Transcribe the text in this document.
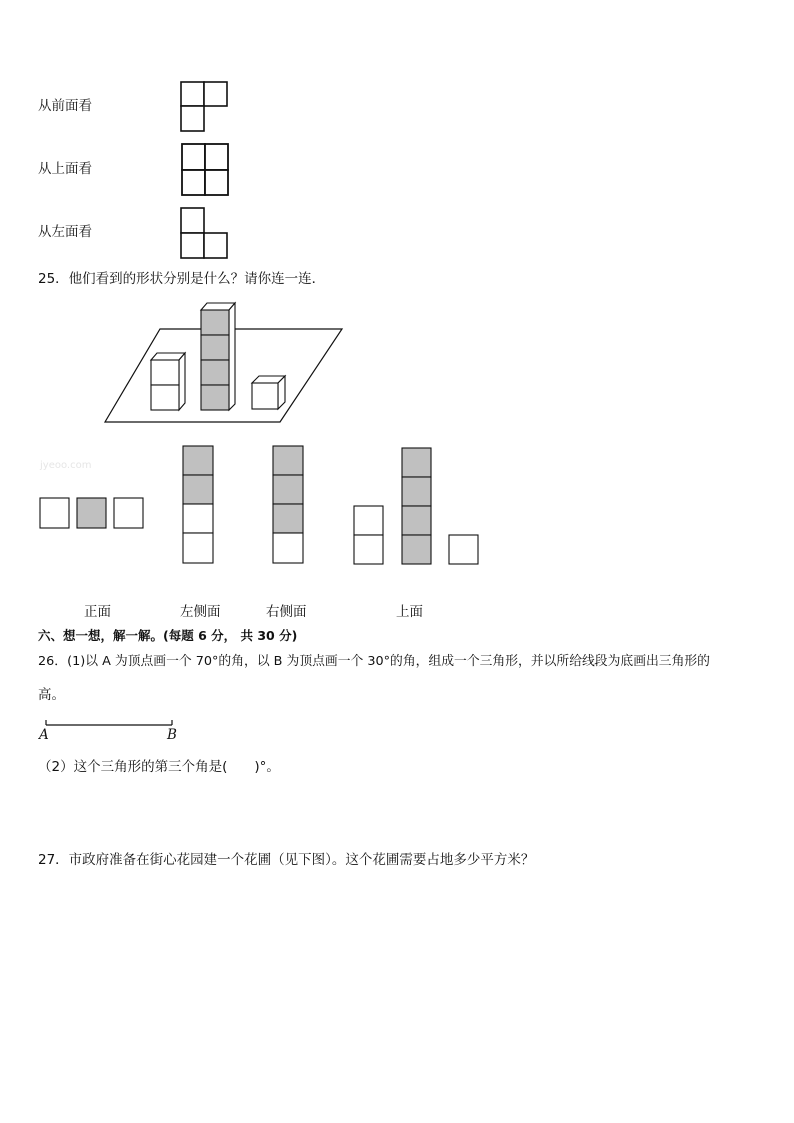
从前面看
从上面看
从左面看
25．他们看到的形状分别是什么？请你连一连．
jyeoo.com
正面	左侧面	右侧面	上面
六、想一想，解一解。(每题 6 分， 共 30 分)
26．(1)以 A 为顶点画一个 70°的角，以 B 为顶点画一个 30°的角，组成一个三角形，并以所给线段为底画出三角形的
高。
A	B
（2）这个三角形的第三个角是(　　)°。
27．市政府准备在街心花园建一个花圃（见下图）。这个花圃需要占地多少平方米？
